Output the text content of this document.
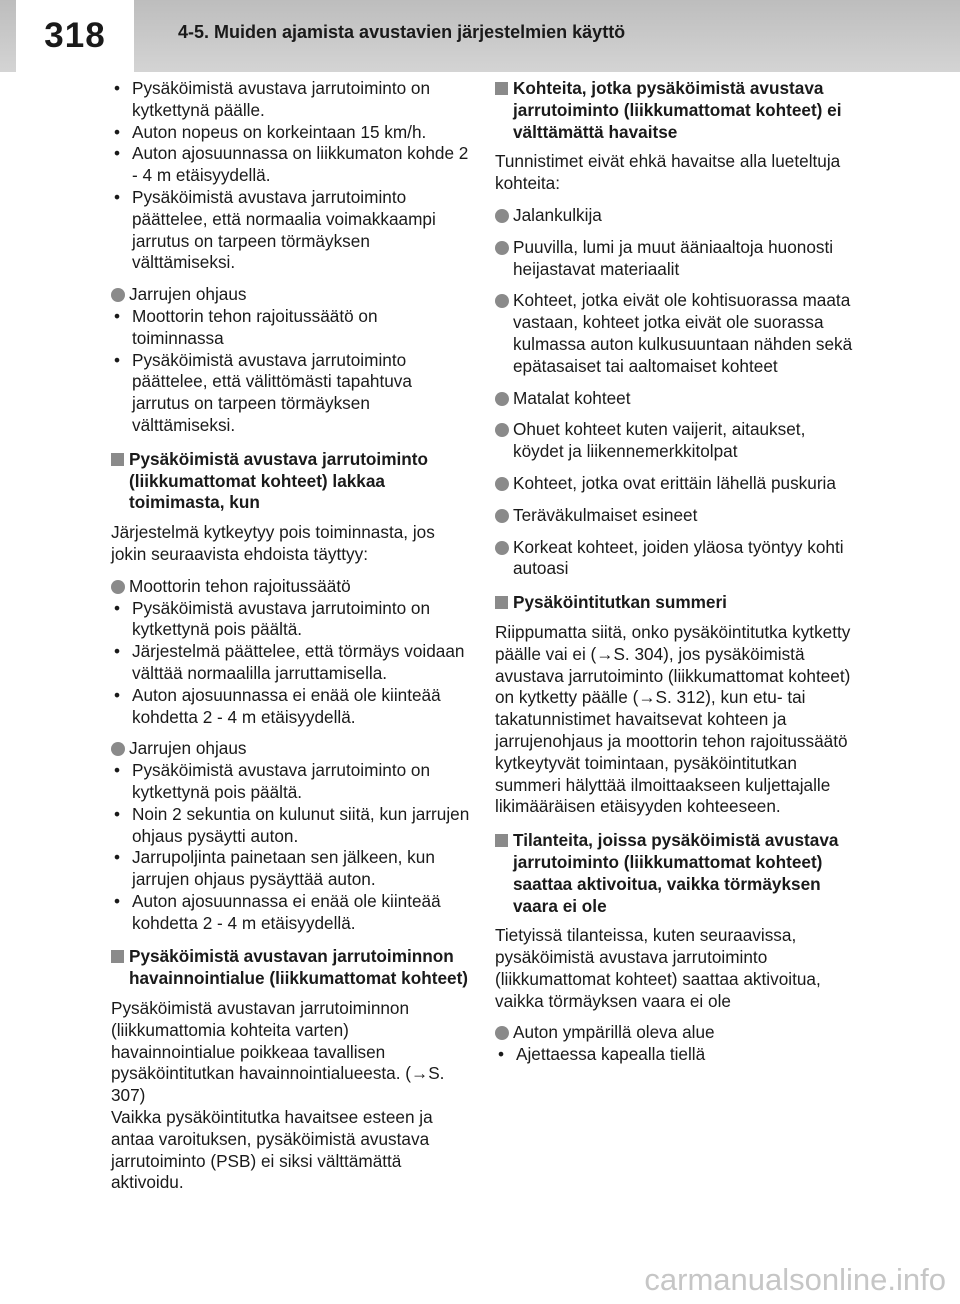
318	4-5. Muiden ajamista avustavien järjestelmien käyttö
• Pysäköimistä avustava jarrutoiminto on kytkettynä päälle.
• Auton nopeus on korkeintaan 15 km/h.
• Auton ajosuunnassa on liikkumaton kohde 2 - 4 m etäisyydellä.
• Pysäköimistä avustava jarrutoiminto päättelee, että normaalia voimakkaampi jarrutus on tarpeen törmäyksen välttämiseksi.
Jarrujen ohjaus
• Moottorin tehon rajoitussäätö on toiminnassa
• Pysäköimistä avustava jarrutoiminto päättelee, että välittömästi tapahtuva jarrutus on tarpeen törmäyksen välttämiseksi.
Pysäköimistä avustava jarrutoiminto (liikkumattomat kohteet) lakkaa toimimasta, kun
Järjestelmä kytkeytyy pois toiminnasta, jos jokin seuraavista ehdoista täyttyy:
Moottorin tehon rajoitussäätö
• Pysäköimistä avustava jarrutoiminto on kytkettynä pois päältä.
• Järjestelmä päättelee, että törmäys voidaan välttää normaalilla jarruttamisella.
• Auton ajosuunnassa ei enää ole kiinteää kohdetta 2 - 4 m etäisyydellä.
Jarrujen ohjaus
• Pysäköimistä avustava jarrutoiminto on kytkettynä pois päältä.
• Noin 2 sekuntia on kulunut siitä, kun jarrujen ohjaus pysäytti auton.
• Jarrupoljinta painetaan sen jälkeen, kun jarrujen ohjaus pysäyttää auton.
• Auton ajosuunnassa ei enää ole kiinteää kohdetta 2 - 4 m etäisyydellä.
Pysäköimistä avustavan jarrutoiminnon havainnointialue (liikkumattomat kohteet)
Pysäköimistä avustavan jarrutoiminnon (liikkumattomia kohteita varten) havainnointialue poikkeaa tavallisen pysäköintitutkan havainnointialueesta. (→S. 307)
Vaikka pysäköintitutka havaitsee esteen ja antaa varoituksen, pysäköimistä avustava jarrutoiminto (PSB) ei siksi välttämättä aktivoidu.
Kohteita, jotka pysäköimistä avustava jarrutoiminto (liikkumattomat kohteet) ei välttämättä havaitse
Tunnistimet eivät ehkä havaitse alla lueteltuja kohteita:
Jalankulkija
Puuvilla, lumi ja muut ääniaaltoja huonosti heijastavat materiaalit
Kohteet, jotka eivät ole kohtisuorassa maata vastaan, kohteet jotka eivät ole suorassa kulmassa auton kulkusuuntaan nähden sekä epätasaiset tai aaltomaiset kohteet
Matalat kohteet
Ohuet kohteet kuten vaijerit, aitaukset, köydet ja liikennemerkkitolpat
Kohteet, jotka ovat erittäin lähellä puskuria
Teräväkulmaiset esineet
Korkeat kohteet, joiden yläosa työntyy kohti autoasi
Pysäköintitutkan summeri
Riippumatta siitä, onko pysäköintitutka kytketty päälle vai ei (→S. 304), jos pysäköimistä avustava jarrutoiminto (liikkumattomat kohteet) on kytketty päälle (→S. 312), kun etu- tai takatunnistimet havaitsevat kohteen ja jarrujenohjaus ja moottorin tehon rajoitussäätö kytkeytyvät toimintaan, pysäköintitutkan summeri hälyttää ilmoittaakseen kuljettajalle likimääräisen etäisyyden kohteeseen.
Tilanteita, joissa pysäköimistä avustava jarrutoiminto (liikkumattomat kohteet) saattaa aktivoitua, vaikka törmäyksen vaara ei ole
Tietyissä tilanteissa, kuten seuraavissa, pysäköimistä avustava jarrutoiminto (liikkumattomat kohteet) saattaa aktivoitua, vaikka törmäyksen vaara ei ole
Auton ympärillä oleva alue
• Ajettaessa kapealla tiellä
carmanualsonline.info
